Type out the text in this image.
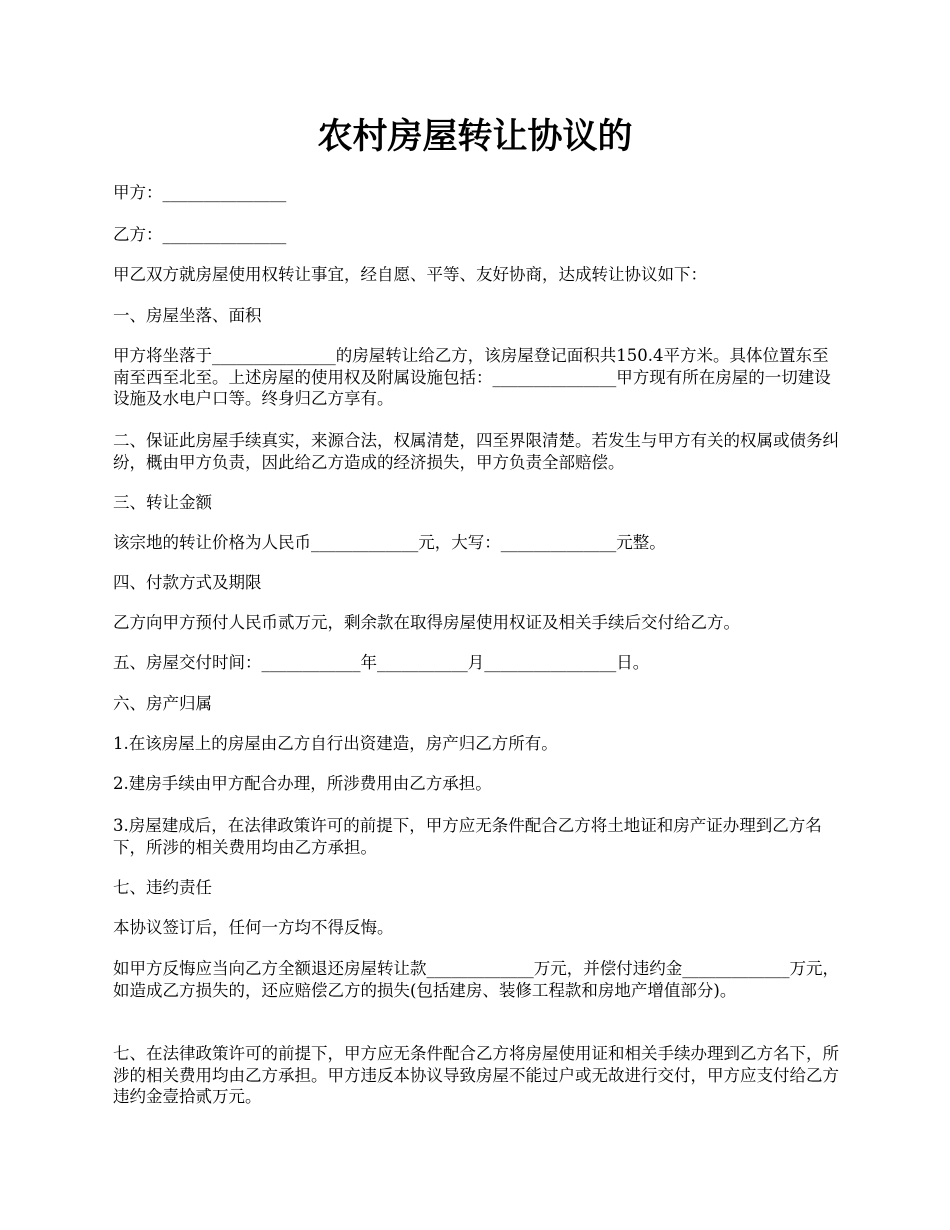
农村房屋转让协议的

甲方：_______________

乙方：_______________

甲乙双方就房屋使用权转让事宜，经自愿、平等、友好协商，达成转让协议如下：

一、房屋坐落、面积

甲方将坐落于_______________的房屋转让给乙方，该房屋登记面积共150.4平方米。具体位置东至南至西至北至。上述房屋的使用权及附属设施包括：_______________甲方现有所在房屋的一切建设设施及水电户口等。终身归乙方享有。

二、保证此房屋手续真实，来源合法，权属清楚，四至界限清楚。若发生与甲方有关的权属或债务纠纷，概由甲方负责，因此给乙方造成的经济损失，甲方负责全部赔偿。

三、转让金额

该宗地的转让价格为人民币_____________元，大写：______________元整。

四、付款方式及期限

乙方向甲方预付人民币贰万元，剩余款在取得房屋使用权证及相关手续后交付给乙方。

五、房屋交付时间：____________年___________月________________日。

六、房产归属

1.在该房屋上的房屋由乙方自行出资建造，房产归乙方所有。

2.建房手续由甲方配合办理，所涉费用由乙方承担。

3.房屋建成后，在法律政策许可的前提下，甲方应无条件配合乙方将土地证和房产证办理到乙方名下，所涉的相关费用均由乙方承担。

七、违约责任

本协议签订后，任何一方均不得反悔。

如甲方反悔应当向乙方全额退还房屋转让款_____________万元，并偿付违约金_____________万元，如造成乙方损失的，还应赔偿乙方的损失(包括建房、装修工程款和房地产增值部分)。

七、在法律政策许可的前提下，甲方应无条件配合乙方将房屋使用证和相关手续办理到乙方名下，所涉的相关费用均由乙方承担。甲方违反本协议导致房屋不能过户或无故进行交付，甲方应支付给乙方违约金壹拾贰万元。
